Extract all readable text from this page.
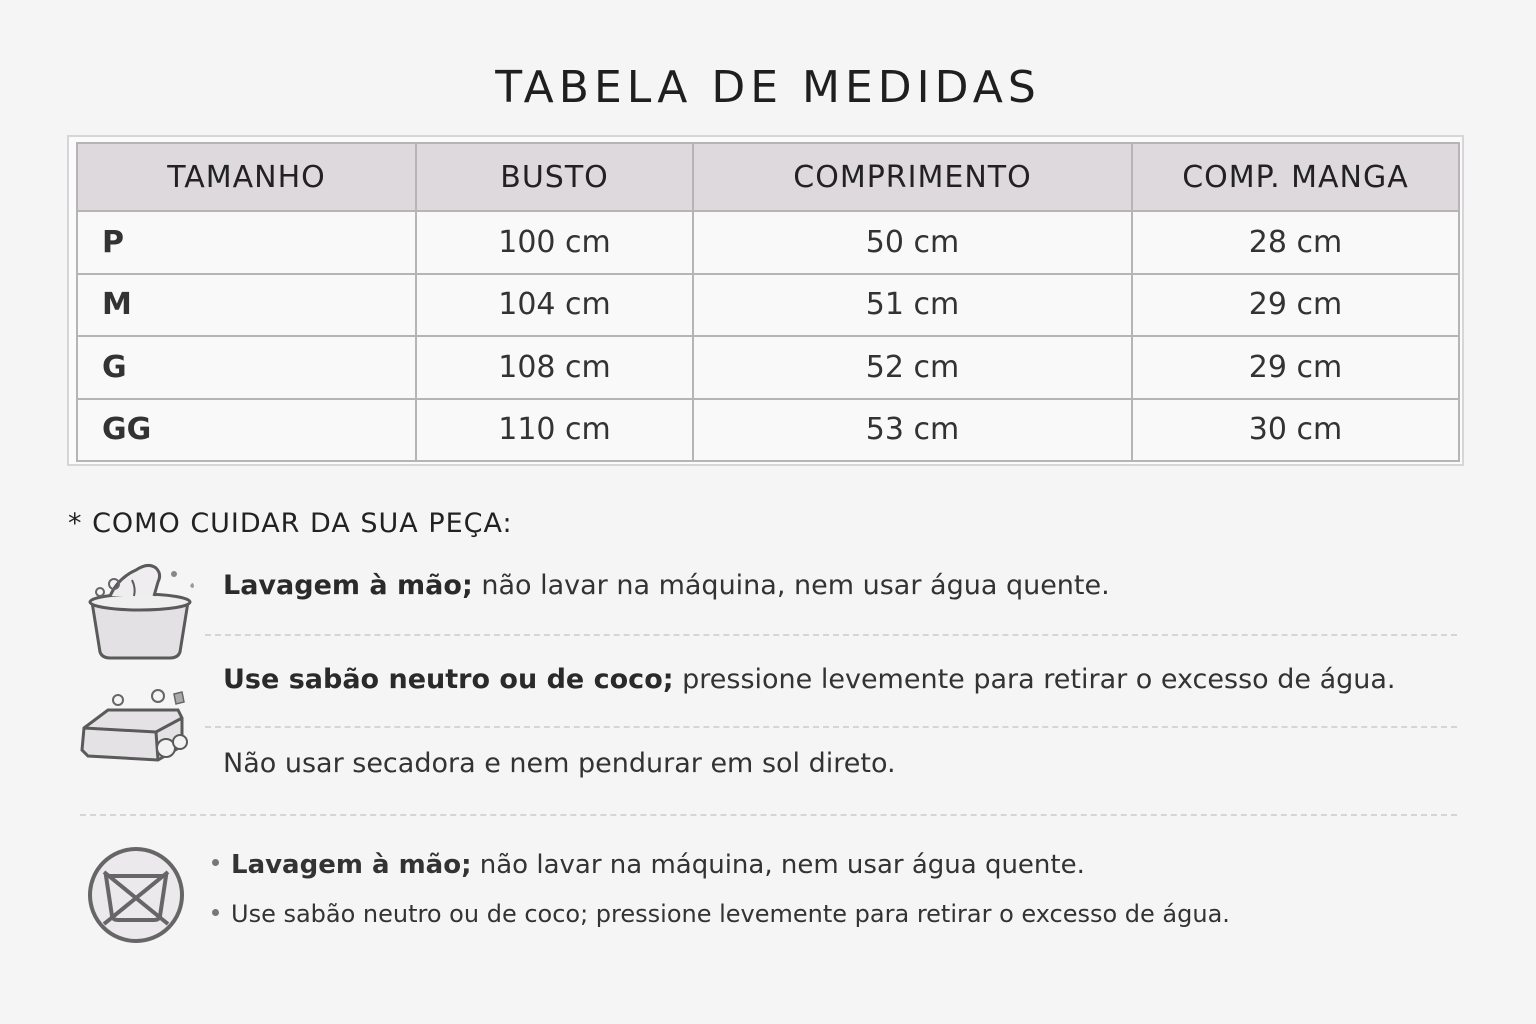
TABELA DE MEDIDAS
TAMANHO	BUSTO	COMPRIMENTO	COMP. MANGA
P	100 cm	50 cm	28 cm
M	104 cm	51 cm	29 cm
G	108 cm	52 cm	29 cm
GG	110 cm	53 cm	30 cm
* COMO CUIDAR DA SUA PEÇA:
Lavagem à mão; não lavar na máquina, nem usar água quente.
Use sabão neutro ou de coco; pressione levemente para retirar o excesso de água.
Não usar secadora e nem pendurar em sol direto.
Lavagem à mão; não lavar na máquina, nem usar água quente.
Use sabão neutro ou de coco; pressione levemente para retirar o excesso de água.
